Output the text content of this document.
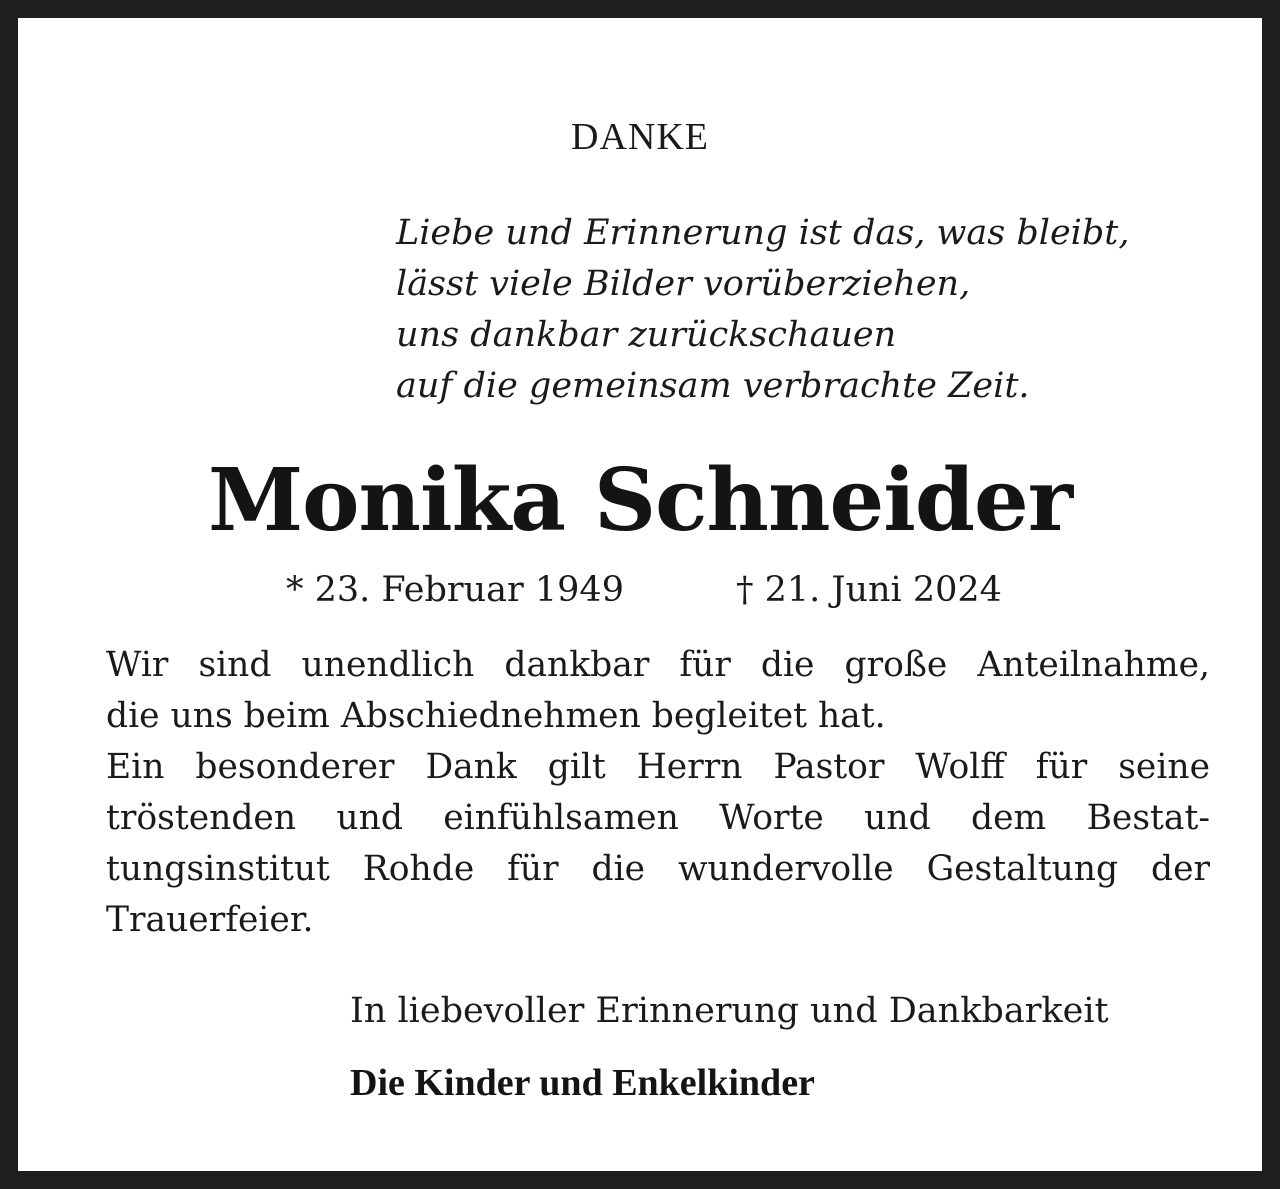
DANKE
Liebe und Erinnerung ist das, was bleibt,
lässt viele Bilder vorüberziehen,
uns dankbar zurückschauen
auf die gemeinsam verbrachte Zeit.
Monika Schneider
* 23. Februar 1949	† 21. Juni 2024

Wir sind unendlich dankbar für die große Anteilnahme,
die uns beim Abschiednehmen begleitet hat.
Ein besonderer Dank gilt Herrn Pastor Wolff für seine
tröstenden und einfühlsamen Worte und dem Bestat-
tungsinstitut Rohde für die wundervolle Gestaltung der
Trauerfeier.

In liebevoller Erinnerung und Dankbarkeit
Die Kinder und Enkelkinder
